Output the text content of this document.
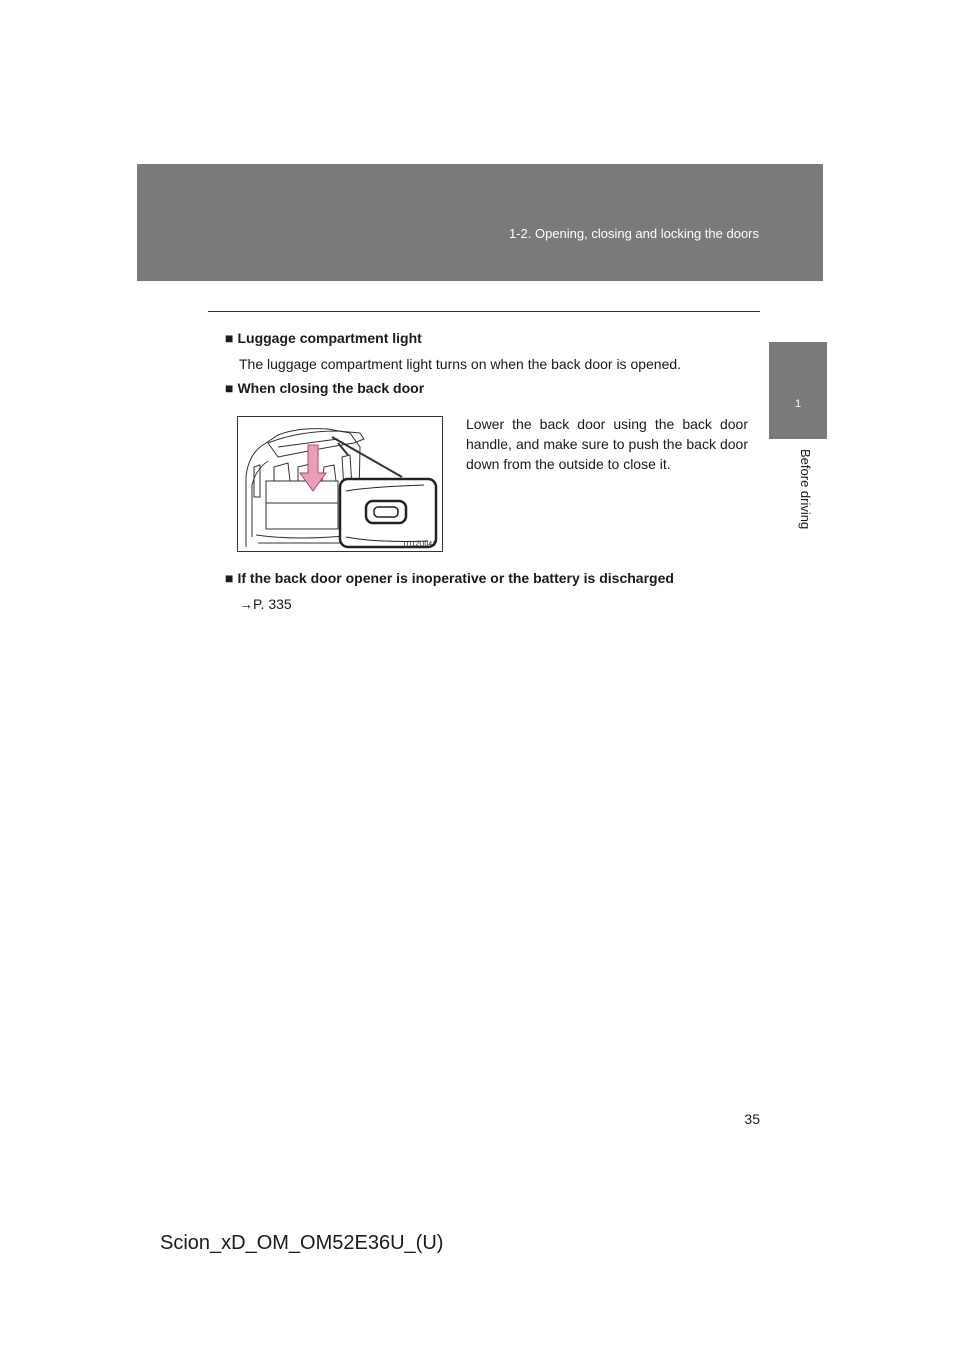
1-2. Opening, closing and locking the doors
1
Before driving
■ Luggage compartment light
The luggage compartment light turns on when the back door is opened.
■ When closing the back door
ITI12U041
Lower the back door using the back door handle, and make sure to push the back door down from the outside to close it.
■ If the back door opener is inoperative or the battery is discharged
→P. 335
35
Scion_xD_OM_OM52E36U_(U)
